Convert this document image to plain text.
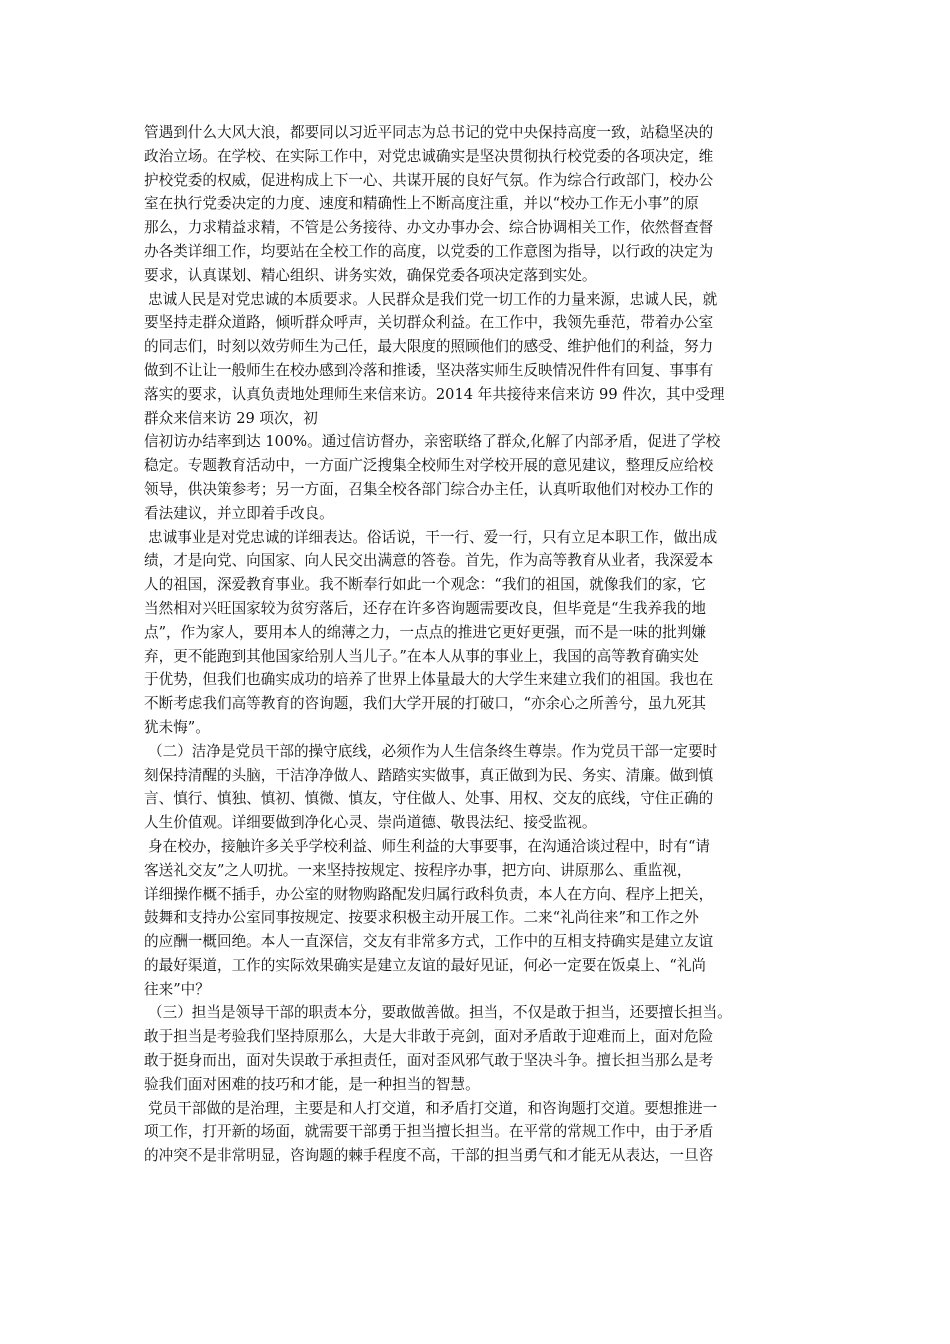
管遇到什么大风大浪，都要同以习近平同志为总书记的党中央保持高度一致，站稳坚决的
政治立场。在学校、在实际工作中，对党忠诚确实是坚决贯彻执行校党委的各项决定，维
护校党委的权威，促进构成上下一心、共谋开展的良好气氛。作为综合行政部门，校办公
室在执行党委决定的力度、速度和精确性上不断高度注重，并以“校办工作无小事”的原
那么，力求精益求精，不管是公务接待、办文办事办会、综合协调相关工作，依然督查督
办各类详细工作，均要站在全校工作的高度，以党委的工作意图为指导，以行政的决定为
要求，认真谋划、精心组织、讲务实效，确保党委各项决定落到实处。
忠诚人民是对党忠诚的本质要求。人民群众是我们党一切工作的力量来源，忠诚人民，就
要坚持走群众道路，倾听群众呼声，关切群众利益。在工作中，我领先垂范，带着办公室
的同志们，时刻以效劳师生为己任，最大限度的照顾他们的感受、维护他们的利益，努力
做到不让让一般师生在校办感到冷落和推诿，坚决落实师生反映情况件件有回复、事事有
落实的要求，认真负责地处理师生来信来访。2014 年共接待来信来访 99 件次，其中受理
群众来信来访 29 项次，初
信初访办结率到达 100%。通过信访督办，亲密联络了群众,化解了内部矛盾，促进了学校
稳定。专题教育活动中，一方面广泛搜集全校师生对学校开展的意见建议，整理反应给校
领导，供决策参考；另一方面，召集全校各部门综合办主任，认真听取他们对校办工作的
看法建议，并立即着手改良。
忠诚事业是对党忠诚的详细表达。俗话说，干一行、爱一行，只有立足本职工作，做出成
绩，才是向党、向国家、向人民交出满意的答卷。首先，作为高等教育从业者，我深爱本
人的祖国，深爱教育事业。我不断奉行如此一个观念：“我们的祖国，就像我们的家，它
当然相对兴旺国家较为贫穷落后，还存在许多咨询题需要改良，但毕竟是“生我养我的地
点”，作为家人，要用本人的绵薄之力，一点点的推进它更好更强，而不是一味的批判嫌
弃，更不能跑到其他国家给别人当儿子。”在本人从事的事业上，我国的高等教育确实处
于优势，但我们也确实成功的培养了世界上体量最大的大学生来建立我们的祖国。我也在
不断考虑我们高等教育的咨询题，我们大学开展的打破口，“亦余心之所善兮，虽九死其
犹未悔”。
（二）洁净是党员干部的操守底线，必须作为人生信条终生尊崇。作为党员干部一定要时
刻保持清醒的头脑，干洁净净做人、踏踏实实做事，真正做到为民、务实、清廉。做到慎
言、慎行、慎独、慎初、慎微、慎友，守住做人、处事、用权、交友的底线，守住正确的
人生价值观。详细要做到净化心灵、崇尚道德、敬畏法纪、接受监视。
身在校办，接触许多关乎学校利益、师生利益的大事要事，在沟通洽谈过程中，时有“请
客送礼交友”之人叨扰。一来坚持按规定、按程序办事，把方向、讲原那么、重监视，
详细操作概不插手，办公室的财物购路配发归属行政科负责，本人在方向、程序上把关，
鼓舞和支持办公室同事按规定、按要求积极主动开展工作。二来“礼尚往来”和工作之外
的应酬一概回绝。本人一直深信，交友有非常多方式，工作中的互相支持确实是建立友谊
的最好渠道，工作的实际效果确实是建立友谊的最好见证，何必一定要在饭桌上、“礼尚
往来”中？
（三）担当是领导干部的职责本分，要敢做善做。担当，不仅是敢于担当，还要擅长担当。
敢于担当是考验我们坚持原那么，大是大非敢于亮剑，面对矛盾敢于迎难而上，面对危险
敢于挺身而出，面对失误敢于承担责任，面对歪风邪气敢于坚决斗争。擅长担当那么是考
验我们面对困难的技巧和才能，是一种担当的智慧。
党员干部做的是治理，主要是和人打交道，和矛盾打交道，和咨询题打交道。要想推进一
项工作，打开新的场面，就需要干部勇于担当擅长担当。在平常的常规工作中，由于矛盾
的冲突不是非常明显，咨询题的棘手程度不高，干部的担当勇气和才能无从表达，一旦咨
